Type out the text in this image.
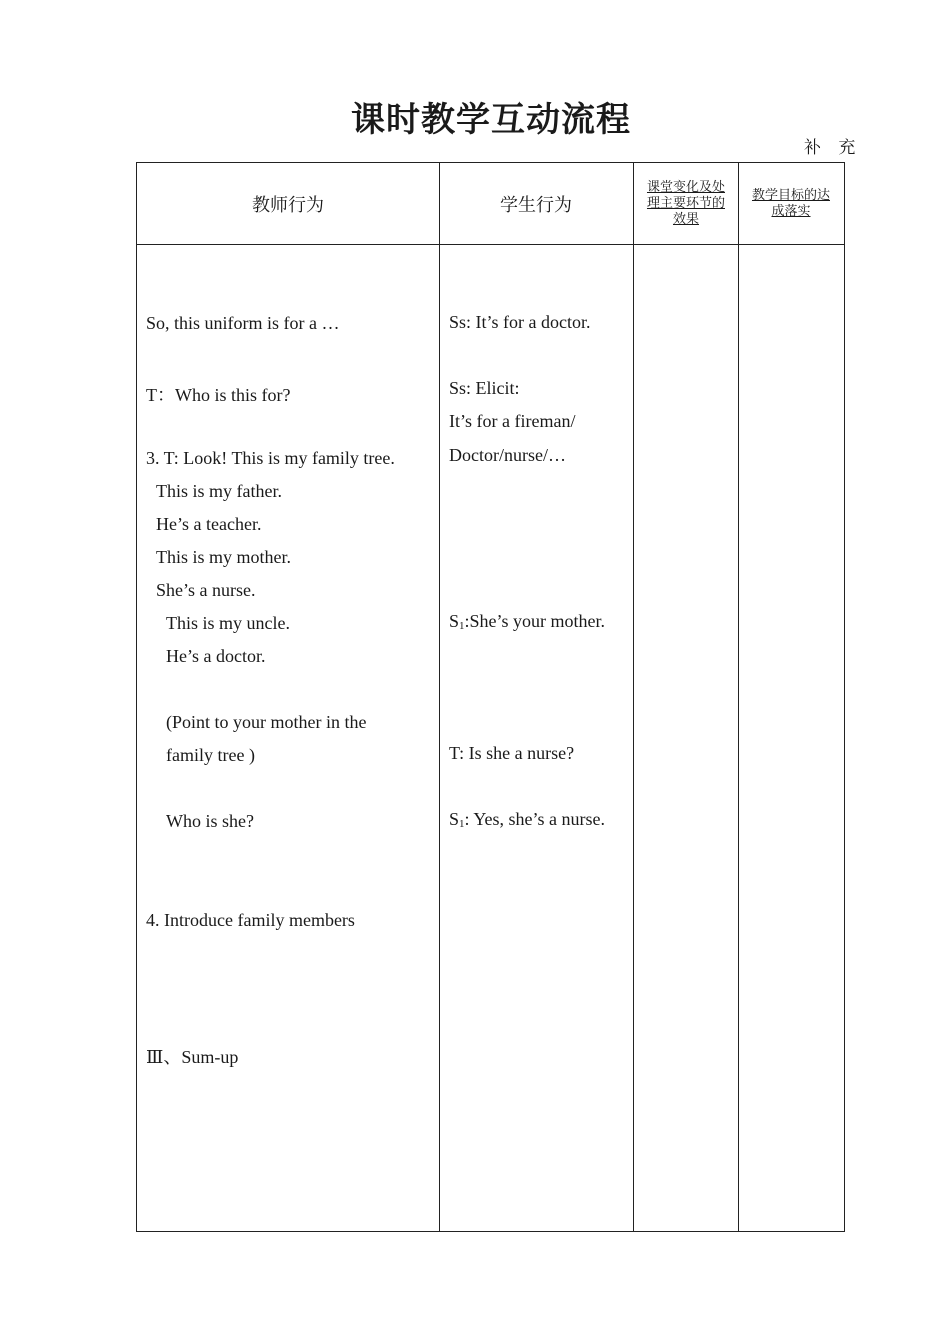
课时教学互动流程
补 充
教师行为	学生行为
课堂变化及处理主要环节的效果
教学目标的达成落实
So, this uniform is for a …
T：Who is this for?
3. T: Look! This is my family tree.
This is my father.
He’s a teacher.
This is my mother.
She’s a nurse.
This is my uncle.
He’s a doctor.
(Point to your mother in the
family tree )
Who is she?
4. Introduce family members
Ⅲ、Sum-up
Ss: It’s for a doctor.
Ss: Elicit:
It’s for a fireman/
Doctor/nurse/…
S1:She’s your mother.
T: Is she a nurse?
S1: Yes, she’s a nurse.
